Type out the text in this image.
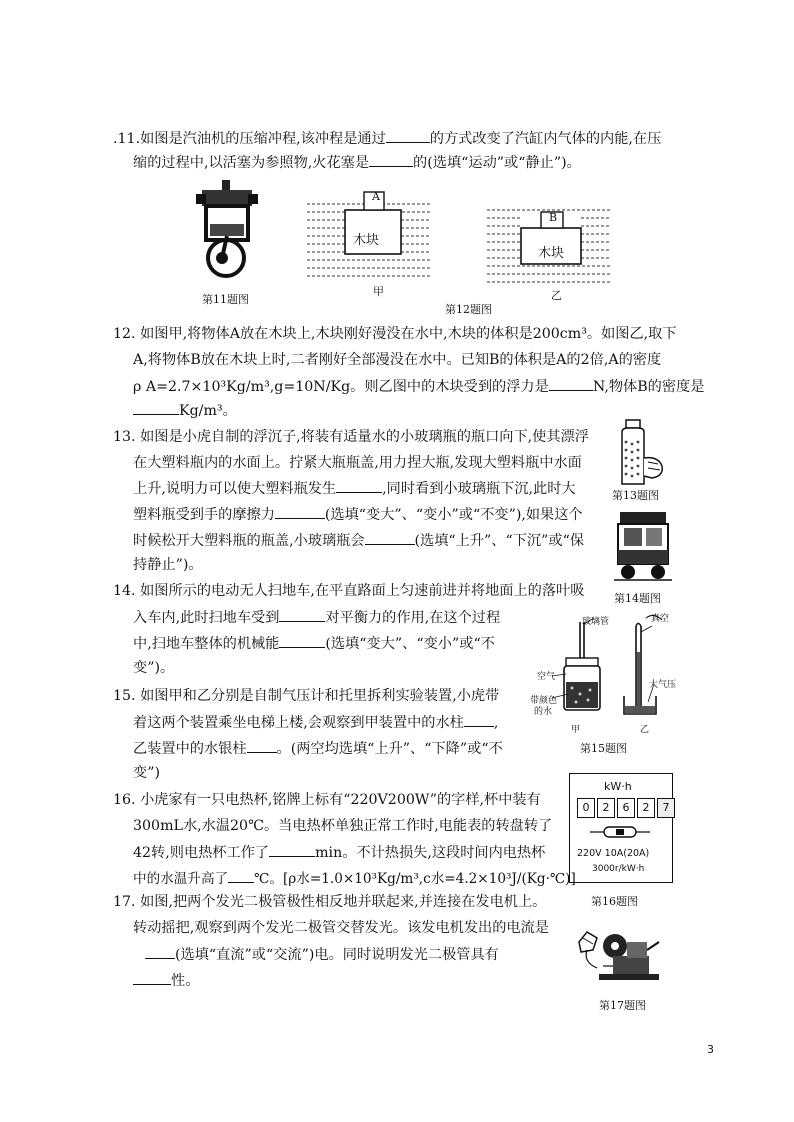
.11.如图是汽油机的压缩冲程,该冲程是通过	的方式改变了汽缸内气体的内能,在压
缩的过程中,以活塞为参照物,火花塞是	的(选填“运动”或“静止”)。
第11题图
A
木块
甲
B
木块
乙
第12题图
12. 如图甲,将物体A放在木块上,木块刚好漫没在水中,木块的体积是200cm³。如图乙,取下
A,将物体B放在木块上时,二者刚好全部漫没在水中。已知B的体积是A的2倍,A的密度
ρ A=2.7×10³Kg/m³,g=10N/Kg。则乙图中的木块受到的浮力是	N,物体B的密度是
Kg/m³。
13. 如图是小虎自制的浮沉子,将装有适量水的小玻璃瓶的瓶口向下,使其漂浮
在大塑料瓶内的水面上。拧紧大瓶瓶盖,用力捏大瓶,发现大塑料瓶中水面
上升,说明力可以使大塑料瓶发生	,同时看到小玻璃瓶下沉,此时大
塑料瓶受到手的摩擦力	(选填“变大”、“变小”或“不变”),如果这个
时候松开大塑料瓶的瓶盖,小玻璃瓶会	(选填“上升”、“下沉”或“保
持静止”)。
第13题图
第14题图
14. 如图所示的电动无人扫地车,在平直路面上匀速前进并将地面上的落叶吸
入车内,此时扫地车受到	对平衡力的作用,在这个过程
中,扫地车整体的机械能	(选填“变大”、“变小”或“不
变”)。
玻璃管	真空
空气
大气压
带颜色
的水
甲	乙
第15题图
15. 如图甲和乙分别是自制气压计和托里拆利实验装置,小虎带
着这两个装置乘坐电梯上楼,会观察到甲装置中的水柱 ,
乙装置中的水银柱 。(两空均选填“上升”、“下降”或“不
变”)
kW·h
0	2	6	2	7
220V 10A(20A)
3000r/kW·h
第16题图
16. 小虎家有一只电热杯,铭牌上标有“220V200W”的字样,杯中装有
300mL水,水温20℃。当电热杯单独正常工作时,电能表的转盘转了
42转,则电热杯工作了	min。不计热损失,这段时间内电热杯
中的水温升高了 ℃。[ρ水=1.0×10³Kg/m³,c水=4.2×10³J/(Kg·℃)]
17. 如图,把两个发光二极管极性相反地并联起来,并连接在发电机上。
转动摇把,观察到两个发光二极管交替发光。该发电机发出的电流是
(选填“直流”或“交流”)电。同时说明发光二极管具有
性。
第17题图
3
